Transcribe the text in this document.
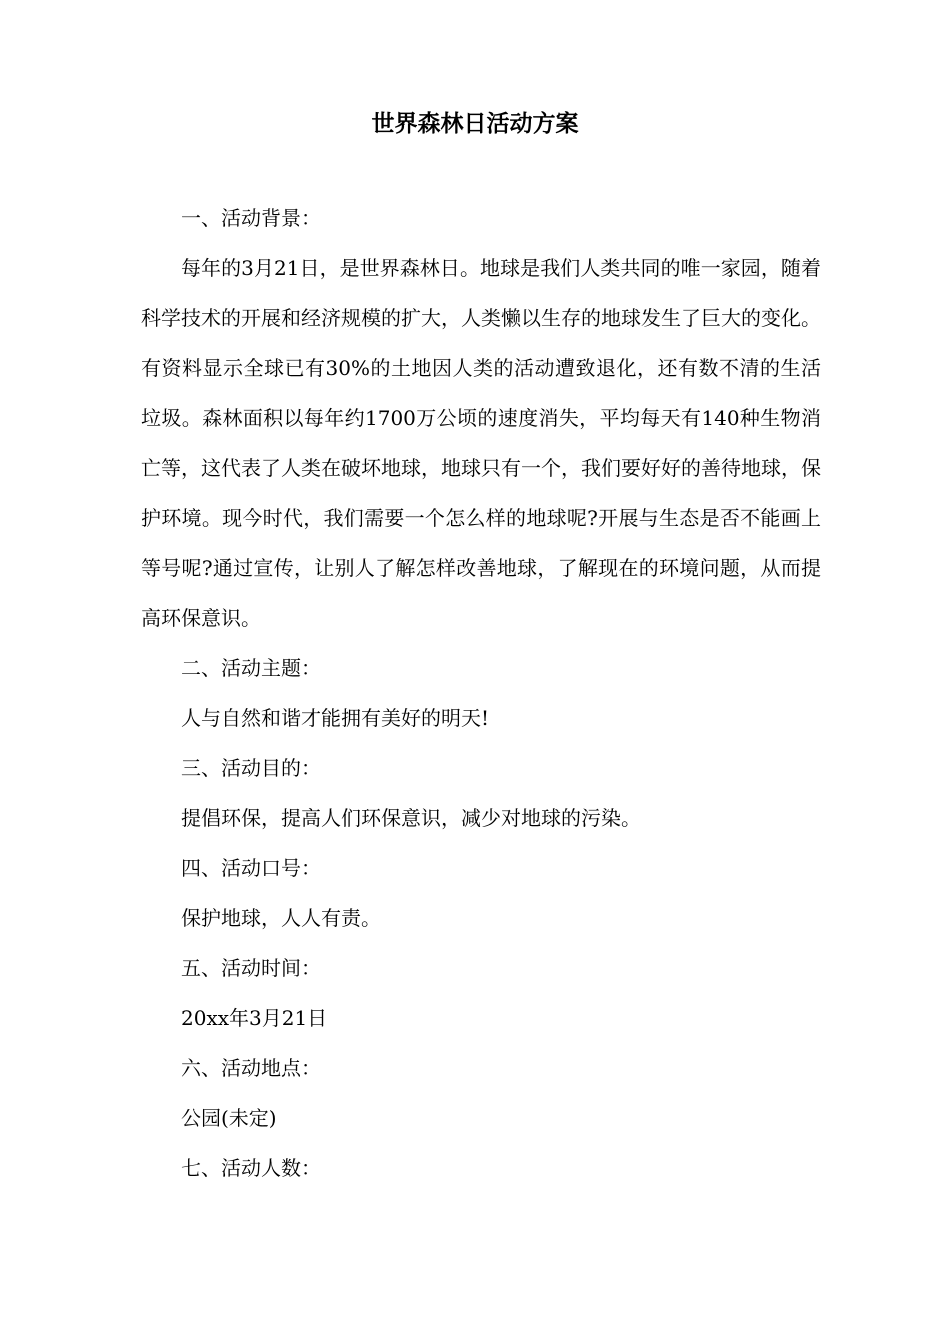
世界森林日活动方案

一、活动背景：

每年的3月21日，是世界森林日。地球是我们人类共同的唯一家园，随着科学技术的开展和经济规模的扩大，人类懒以生存的地球发生了巨大的变化。有资料显示全球已有30%的土地因人类的活动遭致退化，还有数不清的生活垃圾。森林面积以每年约1700万公顷的速度消失，平均每天有140种生物消亡等，这代表了人类在破坏地球，地球只有一个，我们要好好的善待地球，保护环境。现今时代，我们需要一个怎么样的地球呢?开展与生态是否不能画上等号呢?通过宣传，让别人了解怎样改善地球，了解现在的环境问题，从而提高环保意识。

二、活动主题：

人与自然和谐才能拥有美好的明天!

三、活动目的：

提倡环保，提高人们环保意识，减少对地球的污染。

四、活动口号：

保护地球，人人有责。

五、活动时间：

20xx年3月21日

六、活动地点：

公园(未定)

七、活动人数：
